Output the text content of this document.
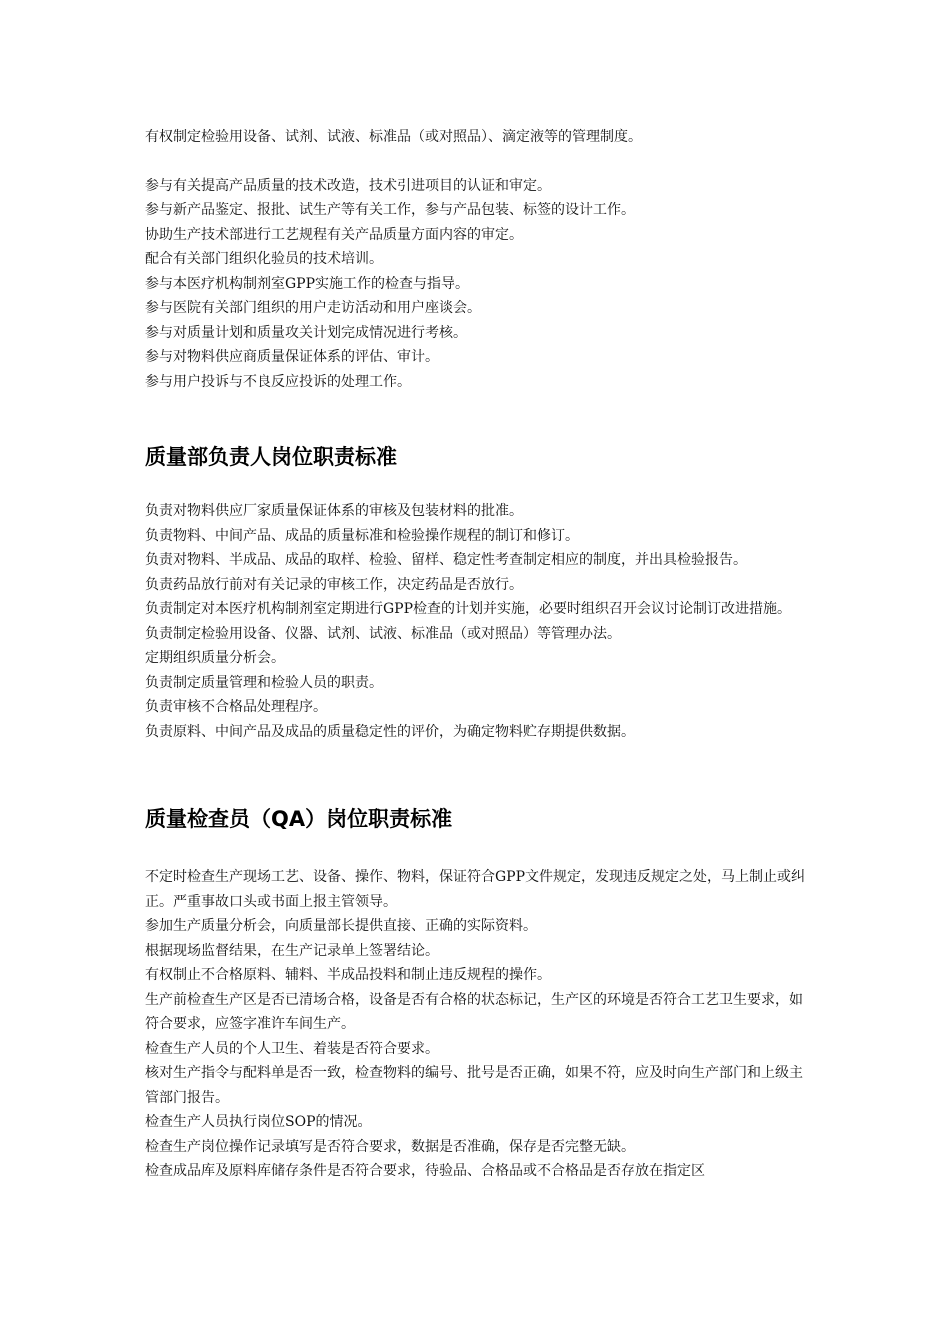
有权制定检验用设备、试剂、试液、标准品（或对照品）、滴定液等的管理制度。

参与有关提高产品质量的技术改造，技术引进项目的认证和审定。

参与新产品鉴定、报批、试生产等有关工作，参与产品包装、标签的设计工作。

协助生产技术部进行工艺规程有关产品质量方面内容的审定。

配合有关部门组织化验员的技术培训。

参与本医疗机构制剂室GPP实施工作的检查与指导。

参与医院有关部门组织的用户走访活动和用户座谈会。

参与对质量计划和质量攻关计划完成情况进行考核。

参与对物料供应商质量保证体系的评估、审计。

参与用户投诉与不良反应投诉的处理工作。

质量部负责人岗位职责标准

负责对物料供应厂家质量保证体系的审核及包装材料的批准。

负责物料、中间产品、成品的质量标准和检验操作规程的制订和修订。

负责对物料、半成品、成品的取样、检验、留样、稳定性考查制定相应的制度，并出具检验报告。

负责药品放行前对有关记录的审核工作，决定药品是否放行。

负责制定对本医疗机构制剂室定期进行GPP检查的计划并实施，必要时组织召开会议讨论制订改进措施。

负责制定检验用设备、仪器、试剂、试液、标准品（或对照品）等管理办法。

定期组织质量分析会。

负责制定质量管理和检验人员的职责。

负责审核不合格品处理程序。

负责原料、中间产品及成品的质量稳定性的评价，为确定物料贮存期提供数据。

质量检查员（QA）岗位职责标准

不定时检查生产现场工艺、设备、操作、物料，保证符合GPP文件规定，发现违反规定之处，马上制止或纠正。严重事故口头或书面上报主管领导。

参加生产质量分析会，向质量部长提供直接、正确的实际资料。

根据现场监督结果，在生产记录单上签署结论。

有权制止不合格原料、辅料、半成品投料和制止违反规程的操作。

生产前检查生产区是否已清场合格，设备是否有合格的状态标记，生产区的环境是否符合工艺卫生要求，如符合要求，应签字准许车间生产。

检查生产人员的个人卫生、着装是否符合要求。

核对生产指令与配料单是否一致，检查物料的编号、批号是否正确，如果不符，应及时向生产部门和上级主管部门报告。

检查生产人员执行岗位SOP的情况。

检查生产岗位操作记录填写是否符合要求，数据是否准确，保存是否完整无缺。

检查成品库及原料库储存条件是否符合要求，待验品、合格品或不合格品是否存放在指定区
